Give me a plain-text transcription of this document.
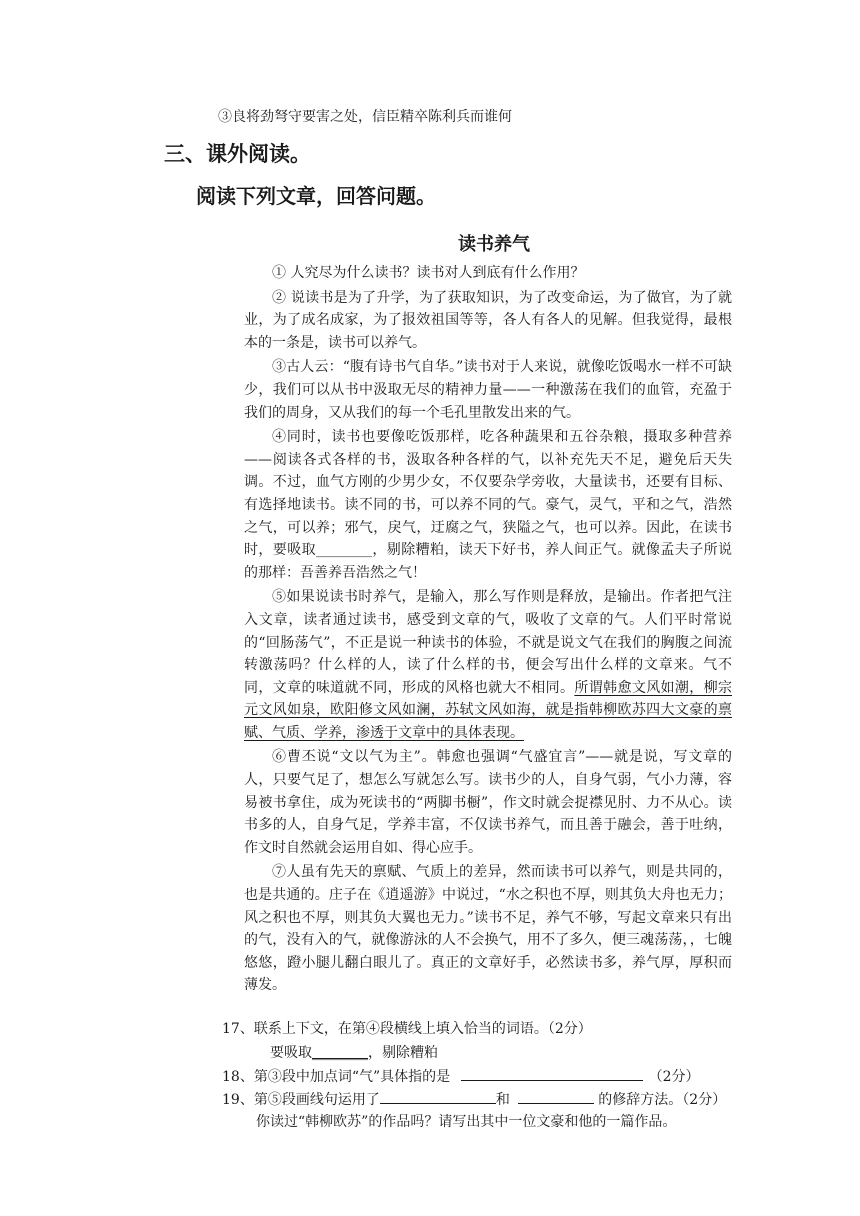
③良将劲弩守要害之处，信臣精卒陈利兵而谁何
三、课外阅读。
阅读下列文章，回答问题。
读书养气

① 人究尽为什么读书？读书对人到底有什么作用？

② 说读书是为了升学，为了获取知识，为了改变命运，为了做官，为了就业，为了成名成家，为了报效祖国等等，各人有各人的见解。但我觉得，最根本的一条是，读书可以养气。

③古人云：“腹有诗书气自华。”读书对于人来说，就像吃饭喝水一样不可缺少，我们可以从书中汲取无尽的精神力量——一种激荡在我们的血管，充盈于我们的周身，又从我们的每一个毛孔里散发出来的气。

④同时，读书也要像吃饭那样，吃各种蔬果和五谷杂粮，摄取多种营养——阅读各式各样的书，汲取各种各样的气，以补充先天不足，避免后天失调。不过，血气方刚的少男少女，不仅要杂学旁收，大量读书，还要有目标、有选择地读书。读不同的书，可以养不同的气。豪气，灵气，平和之气，浩然之气，可以养；邪气，戾气，迂腐之气，狭隘之气，也可以养。因此，在读书时，要吸取________，剔除糟粕，读天下好书，养人间正气。就像孟夫子所说的那样：吾善养吾浩然之气！

⑤如果说读书时养气，是输入，那么写作则是释放，是输出。作者把气注入文章，读者通过读书，感受到文章的气，吸收了文章的气。人们平时常说的“回肠荡气”，不正是说一种读书的体验，不就是说文气在我们的胸腹之间流转激荡吗？什么样的人，读了什么样的书，便会写出什么样的文章来。气不同，文章的味道就不同，形成的风格也就大不相同。所谓韩愈文风如潮，柳宗元文风如泉，欧阳修文风如澜，苏轼文风如海，就是指韩柳欧苏四大文豪的禀赋、气质、学养，渗透于文章中的具体表现。

⑥曹丕说“文以气为主”。韩愈也强调“气盛宜言”——就是说，写文章的人，只要气足了，想怎么写就怎么写。读书少的人，自身气弱，气小力薄，容易被书拿住，成为死读书的“两脚书橱”，作文时就会捉襟见肘、力不从心。读书多的人，自身气足，学养丰富，不仅读书养气，而且善于融会，善于吐纳，作文时自然就会运用自如、得心应手。

⑦人虽有先天的禀赋、气质上的差异，然而读书可以养气，则是共同的，也是共通的。庄子在《逍遥游》中说过，“水之积也不厚，则其负大舟也无力；风之积也不厚，则其负大翼也无力。”读书不足，养气不够，写起文章来只有出的气，没有入的气，就像游泳的人不会换气，用不了多久，便三魂荡荡，，七魄悠悠，蹬小腿儿翻白眼儿了。真正的文章好手，必然读书多，养气厚，厚积而薄发。

17、联系上下文，在第④段横线上填入恰当的词语。（2分）
要吸取________，剔除糟粕
18、第③段中加点词“气”具体指的是	（2分）
19、第⑤段画线句运用了	和	的修辞方法。（2分）
你读过“韩柳欧苏”的作品吗？请写出其中一位文豪和他的一篇作品。
